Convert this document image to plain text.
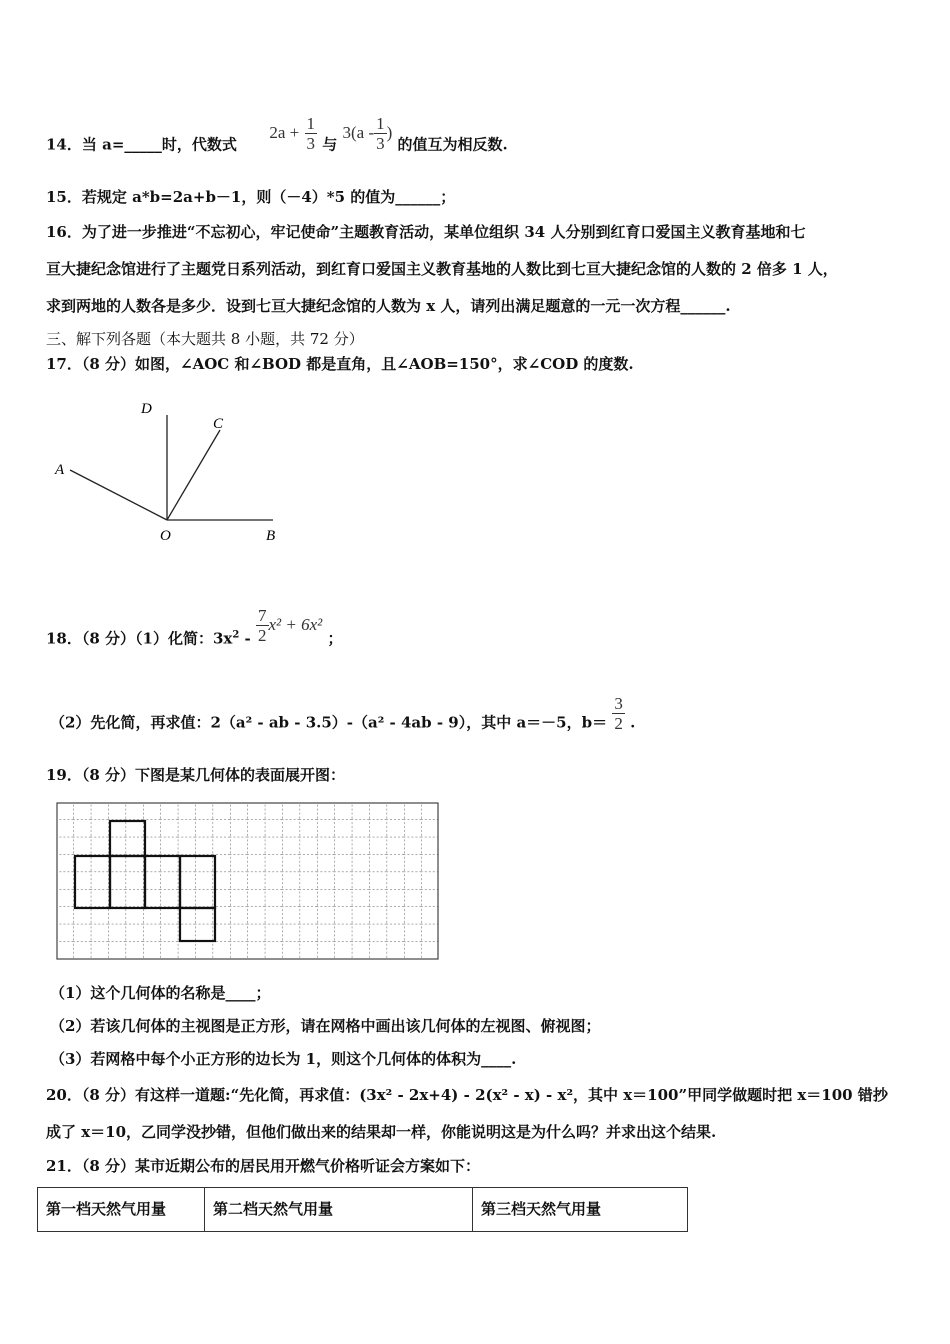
14．当 a=_____时，代数式  $2a + \frac{1}{3}$ 与 $3(a - \frac{1}{3}$ ) 的值互为相反数.
15．若规定 a*b=2a+b－1，则（－4）*5 的值为______；
16．为了进一步推进“不忘初心，牢记使命”主题教育活动，某单位组织 34 人分别到红育口爱国主义教育基地和七
亘大捷纪念馆进行了主题党日系列活动，到红育口爱国主义教育基地的人数比到七亘大捷纪念馆的人数的 2 倍多 1 人，
求到两地的人数各是多少．设到七亘大捷纪念馆的人数为 x 人，请列出满足题意的一元一次方程______.
三、解下列各题（本大题共 8 小题，共 72 分）
17．（8 分）如图，∠AOC 和∠BOD 都是直角，且∠AOB=150°，求∠COD 的度数.
D
C
A
O	B
18．（8 分）（1）化简：$3x^2 - \frac{7}{2} x^2 + 6x^2$ ；
（2）先化简，再求值：2（a² - ab - 3.5）-（a² - 4ab - 9），其中 a＝－5，$b= \frac{3}{2}$ .
19．（8 分）下图是某几何体的表面展开图：
（1）这个几何体的名称是____；
（2）若该几何体的主视图是正方形，请在网格中画出该几何体的左视图、俯视图；
（3）若网格中每个小正方形的边长为 1，则这个几何体的体积为____.
20．（8 分）有这样一道题:“先化简，再求值：(3x² - 2x+4) - 2(x² - x) - x²，其中 x＝100”甲同学做题时把 x＝100 错抄
成了 x＝10，乙同学没抄错，但他们做出来的结果却一样，你能说明这是为什么吗？并求出这个结果.
21．（8 分）某市近期公布的居民用开燃气价格听证会方案如下：
第一档天然气用量	第二档天然气用量	第三档天然气用量
